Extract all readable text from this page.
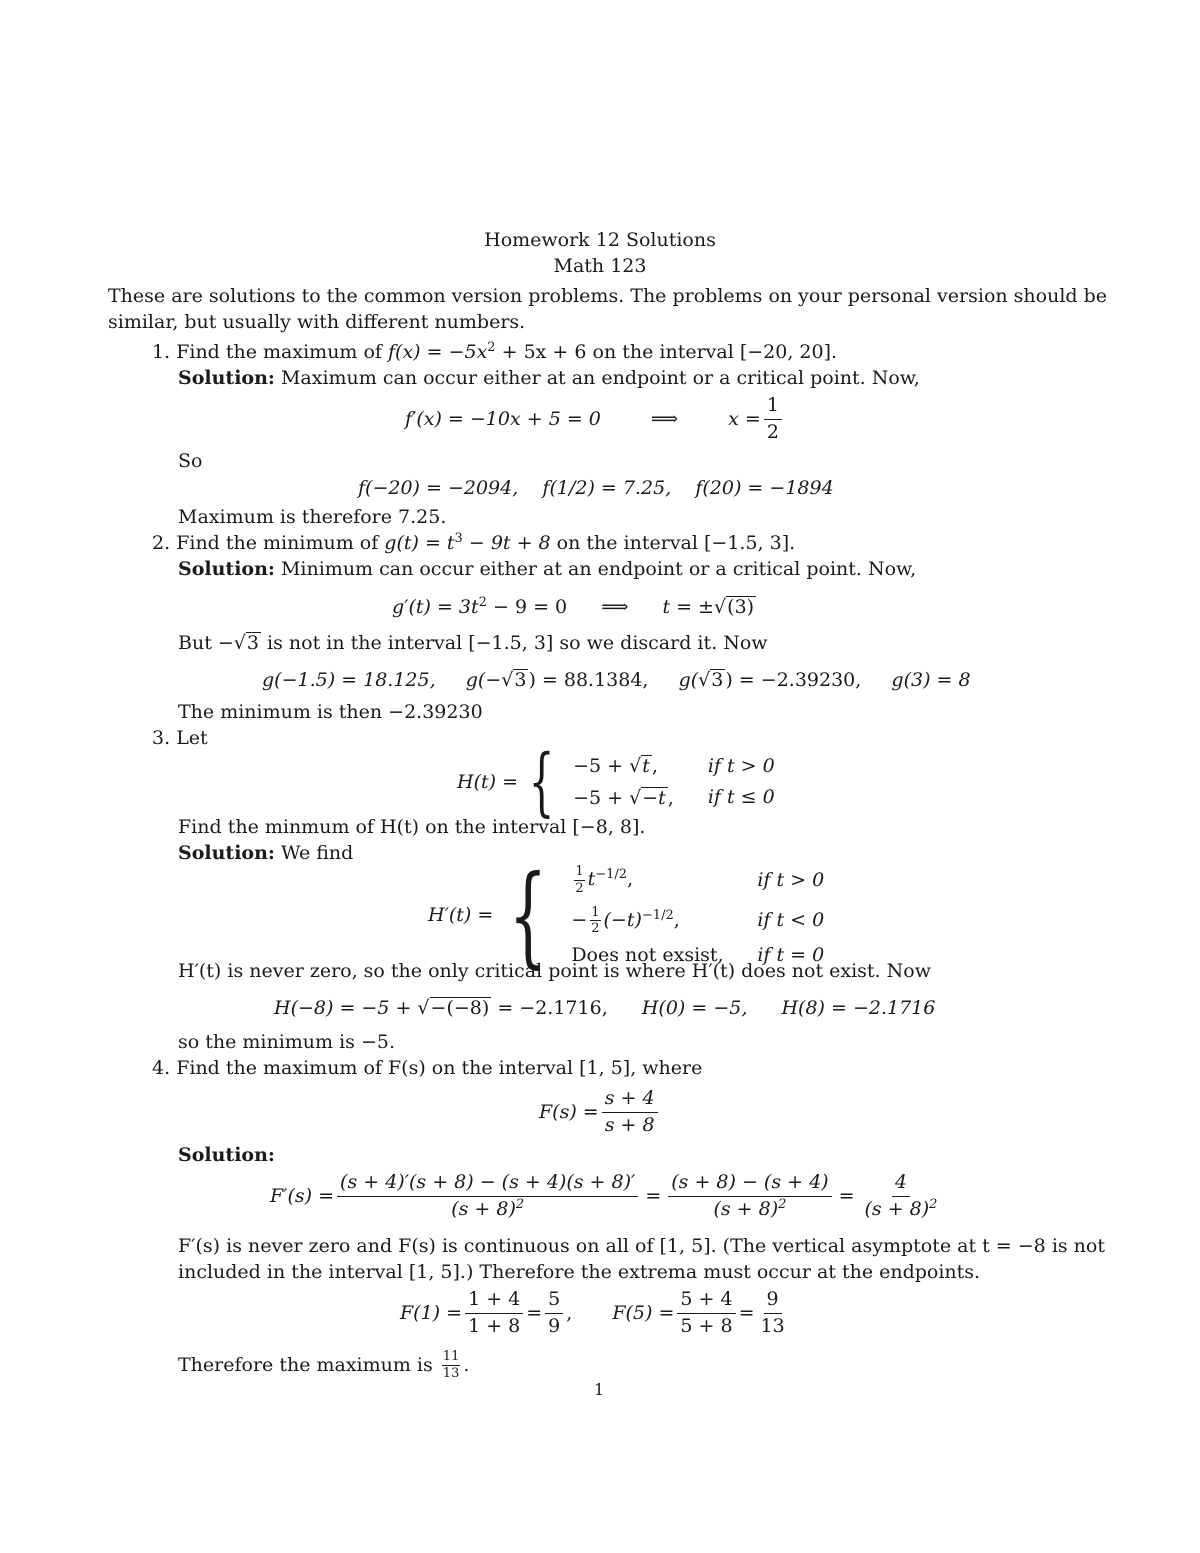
Homework 12 Solutions
Math 123
These are solutions to the common version problems. The problems on your personal version should be
similar, but usually with different numbers.
1. Find the maximum of $f(x) = -5x^2 + 5x + 6$ on the interval [−20, 20].
Solution: Maximum can occur either at an endpoint or a critical point. Now,
f′(x) = −10x + 5 = 0	⟹	$x = \frac{1}{2}$
So
f(−20) = −2094,    f(1/2) = 7.25,    f(20) = −1894
Maximum is therefore 7.25.
2. Find the minimum of $g(t) = t^3 - 9t + 8$ on the interval [−1.5, 3].
Solution: Minimum can occur either at an endpoint or a critical point. Now,
$g'(t) = 3t^2 - 9 = 0$ ⟹ t = ±√(3)
But −√3 is not in the interval [−1.5, 3] so we discard it. Now
g(−1.5) = 18.125, g(−√3 ) = 88.1384, g(√3 ) = −2.39230, g(3) = 8
The minimum is then −2.39230
3. Let
H(t) = { −5 + √t ,	if t > 0
−5 + √−t ,	if t ≤ 0
Find the minmum of H(t) on the interval [−8, 8].
Solution: We find
H′(t) = { $\frac{1}{2} t^{-1/2}$,	if t > 0
− $\frac{1}{2} (-t)^{-1/2}$,	if t < 0
Does not exsist,	if t = 0
H′(t) is never zero, so the only critical point is where H′(t) does not exist. Now
H(−8) = −5 + √−(−8) = −2.1716, H(0) = −5, H(8) = −2.1716
so the minimum is −5.
4. Find the maximum of F(s) on the interval [1, 5], where
$F(s) = \frac{s + 4}{s + 8}$
Solution:
$F'(s) = \frac{(s + 4)'(s + 8) - (s + 4)(s + 8)'}{(s + 8)^2} = \frac{(s + 8) - (s + 4)}{(s + 8)^2} = \frac{4}{(s + 8)^2}$
F′(s) is never zero and F(s) is continuous on all of [1, 5]. (The vertical asymptote at t = −8 is not
included in the interval [1, 5].) Therefore the extrema must occur at the endpoints.
$F(1) = \frac{1 + 4}{1 + 8} = \frac{5}{9}$ , $F(5) = \frac{5 + 4}{5 + 8} = \frac{9}{13}$
Therefore the maximum is $\frac{11}{13}$ .
1
